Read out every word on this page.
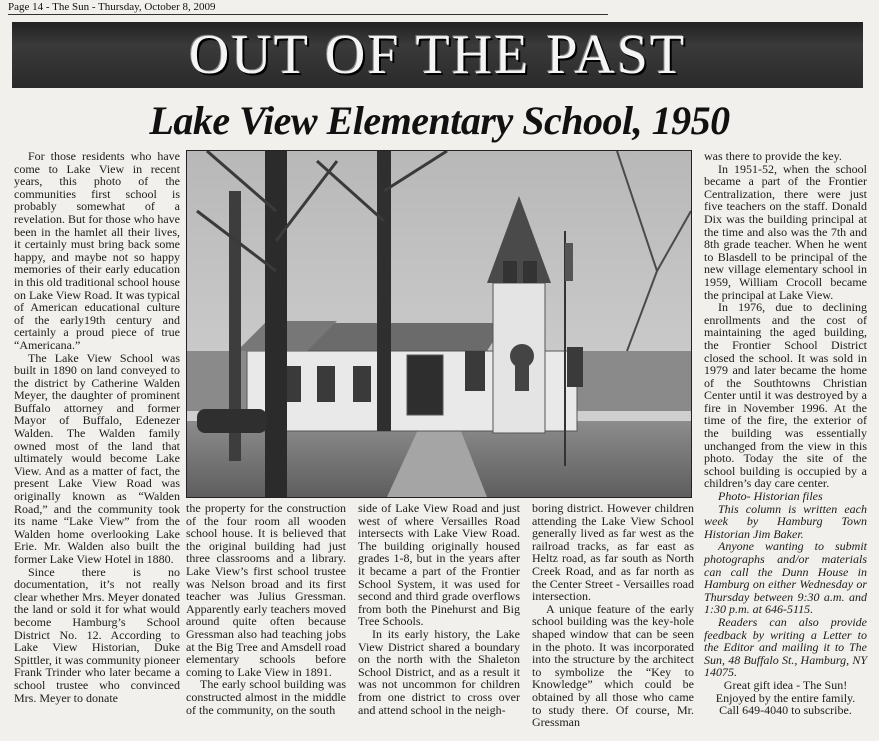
Page 14 - The Sun - Thursday, October 8, 2009
OUT OF THE PAST
Lake View Elementary School, 1950

For those residents who have come to Lake View in recent years, this photo of the communities first school is probably somewhat of a revelation. But for those who have been in the hamlet all their lives, it certainly must bring back some happy, and maybe not so happy memories of their early education in this old traditional school house on Lake View Road. It was typical of American educational culture of the early19th century and certainly a proud piece of true “Americana.”

The Lake View School was built in 1890 on land conveyed to the district by Catherine Walden Meyer, the daughter of prominent Buffalo attorney and former Mayor of Buffalo, Edenezer Walden. The Walden family owned most of the land that ultimately would become Lake View. And as a matter of fact, the present Lake View Road was originally known as “Walden Road,” and the community took its name “Lake View” from the Walden home overlooking Lake Erie. Mr. Walden also built the former Lake View Hotel in 1880.

Since there is no documentation, it’s not really clear whether Mrs. Meyer donated the land or sold it for what would become Hamburg’s School District No. 12. According to Lake View Historian, Duke Spittler, it was community pioneer Frank Trinder who later became a school trustee who convinced Mrs. Meyer to donate

the property for the construction of the four room all wooden school house. It is believed that the original building had just three classrooms and a library. Lake View’s first school trustee was Nelson broad and its first teacher was Julius Gressman. Apparently early teachers moved around quite often because Gressman also had teaching jobs at the Big Tree and Amsdell road elementary schools before coming to Lake View in 1891.

The early school building was constructed almost in the middle of the community, on the south

side of Lake View Road and just west of where Versailles Road intersects with Lake View Road. The building originally housed grades 1-8, but in the years after it became a part of the Frontier School System, it was used for second and third grade overflows from both the Pinehurst and Big Tree Schools.

In its early history, the Lake View District shared a boundary on the north with the Shaleton School District, and as a result it was not uncommon for children from one district to cross over and attend school in the neigh-

boring district. However children attending the Lake View School generally lived as far west as the railroad tracks, as far east as Heltz road, as far south as North Creek Road, and as far north as the Center Street - Versailles road intersection.

A unique feature of the early school building was the key-hole shaped window that can be seen in the photo. It was incorporated into the structure by the architect to symbolize the “Key to Knowledge” which could be obtained by all those who came to study there. Of course, Mr. Gressman

was there to provide the key.

In 1951-52, when the school became a part of the Frontier Centralization, there were just five teachers on the staff. Donald Dix was the building principal at the time and also was the 7th and 8th grade teacher. When he went to Blasdell to be principal of the new village elementary school in 1959, William Crocoll became the principal at Lake View.

In 1976, due to declining enrollments and the cost of maintaining the aged building, the Frontier School District closed the school. It was sold in 1979 and later became the home of the Southtowns Christian Center until it was destroyed by a fire in November 1996. At the time of the fire, the exterior of the building was essentially unchanged from the view in this photo. Today the site of the school building is occupied by a children’s day care center.

Photo- Historian files

This column is written each week by Hamburg Town Historian Jim Baker.

Anyone wanting to submit photographs and/or materials can call the Dunn House in Hamburg on either Wednesday or Thursday between 9:30 a.m. and 1:30 p.m. at 646-5115.

Readers can also provide feedback by writing a Letter to the Editor and mailing it to The Sun, 48 Buffalo St., Hamburg, NY 14075.

Great gift idea - The Sun!

Enjoyed by the entire family.

Call 649-4040 to subscribe.
